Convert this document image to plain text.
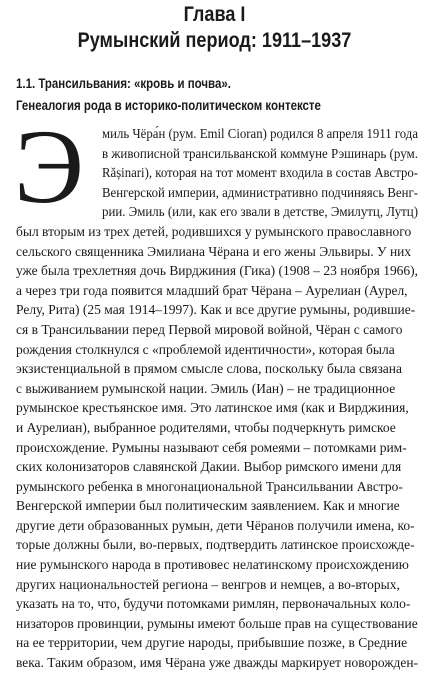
Глава I
Румынский период: 1911–1937
1.1. Трансильвания: «кровь и почва».
Генеалогия рода в историко-политическом контексте
Э	миль Чёра́н (рум. Emil Cioran) родился 8 апреля 1911 года
в живописной трансильванской коммуне Рэшинарь (рум.
Rășinari), которая на тот момент входила в состав Австро-
Венгерской империи, административно подчиняясь Венг-
рии. Эмиль (или, как его звали в детстве, Эмилутц, Лутц)
был вторым из трех детей, родившихся у румынского православного
сельского священника Эмилиана Чёрана и его жены Эльвиры. У них
уже была трехлетняя дочь Вирджиния (Гика) (1908 – 23 ноября 1966),
а через три года появится младший брат Чёрана – Аурелиан (Аурел,
Релу, Рита) (25 мая 1914–1997). Как и все другие румыны, родившие-
ся в Трансильвании перед Первой мировой войной, Чёран с самого
рождения столкнулся с «проблемой идентичности», которая была
экзистенциальной в прямом смысле слова, поскольку была связана
с выживанием румынской нации. Эмиль (Иан) – не традиционное
румынское крестьянское имя. Это латинское имя (как и Вирджиния,
и Аурелиан), выбранное родителями, чтобы подчеркнуть римское
происхождение. Румыны называют себя ромеями – потомками рим-
ских колонизаторов славянской Дакии. Выбор римского имени для
румынского ребенка в многонациональной Трансильвании Австро-
Венгерской империи был политическим заявлением. Как и многие
другие дети образованных румын, дети Чёранов получили имена, ко-
торые должны были, во-первых, подтвердить латинское происхожде-
ние румынского народа в противовес нелатинскому происхождению
других национальностей региона – венгров и немцев, а во-вторых,
указать на то, что, будучи потомками римлян, первоначальных коло-
низаторов провинции, румыны имеют больше прав на существование
на ее территории, чем другие народы, прибывшие позже, в Средние
века. Таким образом, имя Чёрана уже дважды маркирует новорожден-
